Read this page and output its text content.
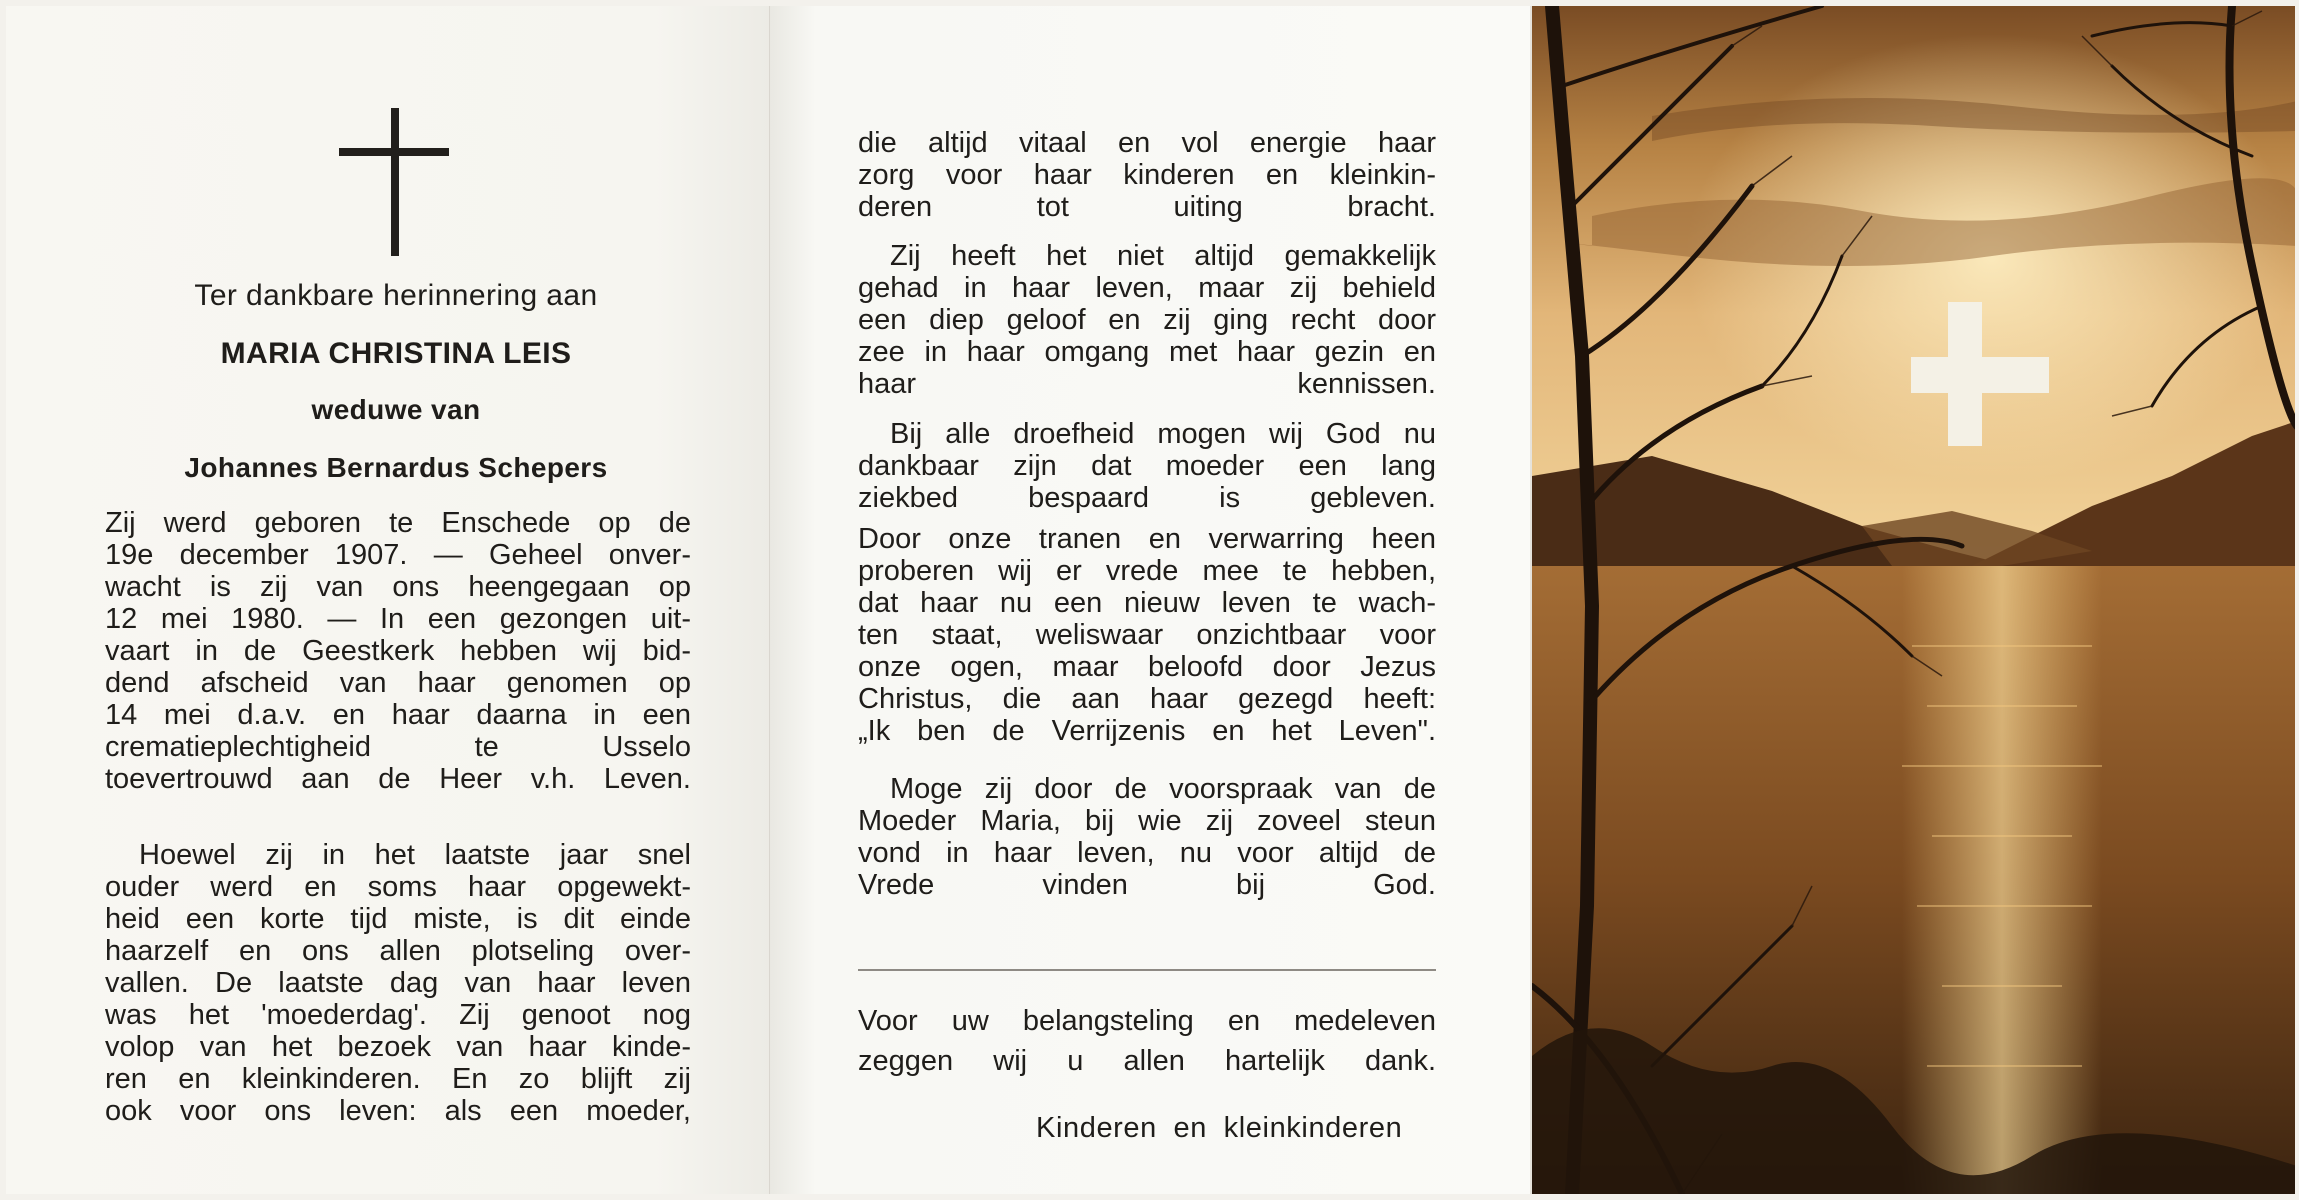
Ter dankbare herinnering aan
MARIA CHRISTINA LEIS
weduwe van
Johannes Bernardus Schepers
Zij werd geboren te Enschede op de
19e december 1907. — Geheel onver-
wacht is zij van ons heengegaan op
12 mei 1980. — In een gezongen uit-
vaart in de Geestkerk hebben wij bid-
dend afscheid van haar genomen op
14 mei d.a.v. en haar daarna in een
crematieplechtigheid te Usselo
toevertrouwd aan de Heer v.h. Leven.
Hoewel zij in het laatste jaar snel
ouder werd en soms haar opgewekt-
heid een korte tijd miste, is dit einde
haarzelf en ons allen plotseling over-
vallen. De laatste dag van haar leven
was het 'moederdag'. Zij genoot nog
volop van het bezoek van haar kinde-
ren en kleinkinderen. En zo blijft zij
ook voor ons leven: als een moeder,
die altijd vitaal en vol energie haar
zorg voor haar kinderen en kleinkin-
deren tot uiting bracht.
Zij heeft het niet altijd gemakkelijk
gehad in haar leven, maar zij behield
een diep geloof en zij ging recht door
zee in haar omgang met haar gezin en
haar kennissen.
Bij alle droefheid mogen wij God nu
dankbaar zijn dat moeder een lang
ziekbed bespaard is gebleven.
Door onze tranen en verwarring heen
proberen wij er vrede mee te hebben,
dat haar nu een nieuw leven te wach-
ten staat, weliswaar onzichtbaar voor
onze ogen, maar beloofd door Jezus
Christus, die aan haar gezegd heeft:
„Ik ben de Verrijzenis en het Leven".
Moge zij door de voorspraak van de
Moeder Maria, bij wie zij zoveel steun
vond in haar leven, nu voor altijd de
Vrede vinden bij God.
Voor uw belangsteling en medeleven
zeggen wij u allen hartelijk dank.
Kinderen en kleinkinderen
